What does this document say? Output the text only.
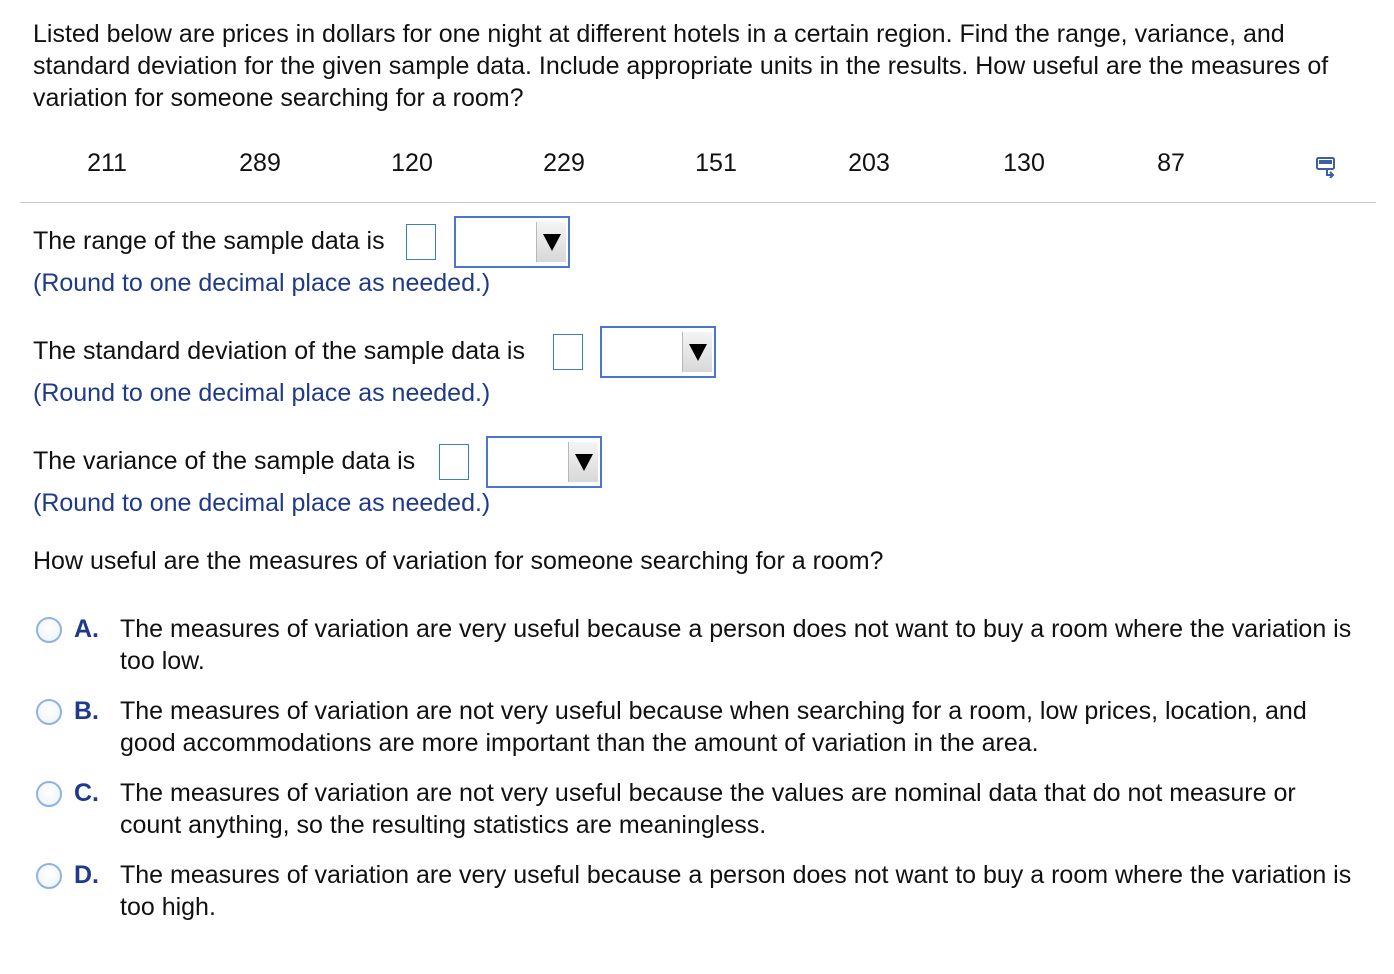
Listed below are prices in dollars for one night at different hotels in a certain region. Find the range, variance, and standard deviation for the given sample data. Include appropriate units in the results. How useful are the measures of variation for someone searching for a room?

211	289	120	229	151	203	130	87
The range of the sample data is
(Round to one decimal place as needed.)
The standard deviation of the sample data is
(Round to one decimal place as needed.)
The variance of the sample data is
(Round to one decimal place as needed.)
How useful are the measures of variation for someone searching for a room?
A. The measures of variation are very useful because a person does not want to buy a room where the variation is too low.
B. The measures of variation are not very useful because when searching for a room, low prices, location, and good accommodations are more important than the amount of variation in the area.
C. The measures of variation are not very useful because the values are nominal data that do not measure or count anything, so the resulting statistics are meaningless.
D. The measures of variation are very useful because a person does not want to buy a room where the variation is too high.
